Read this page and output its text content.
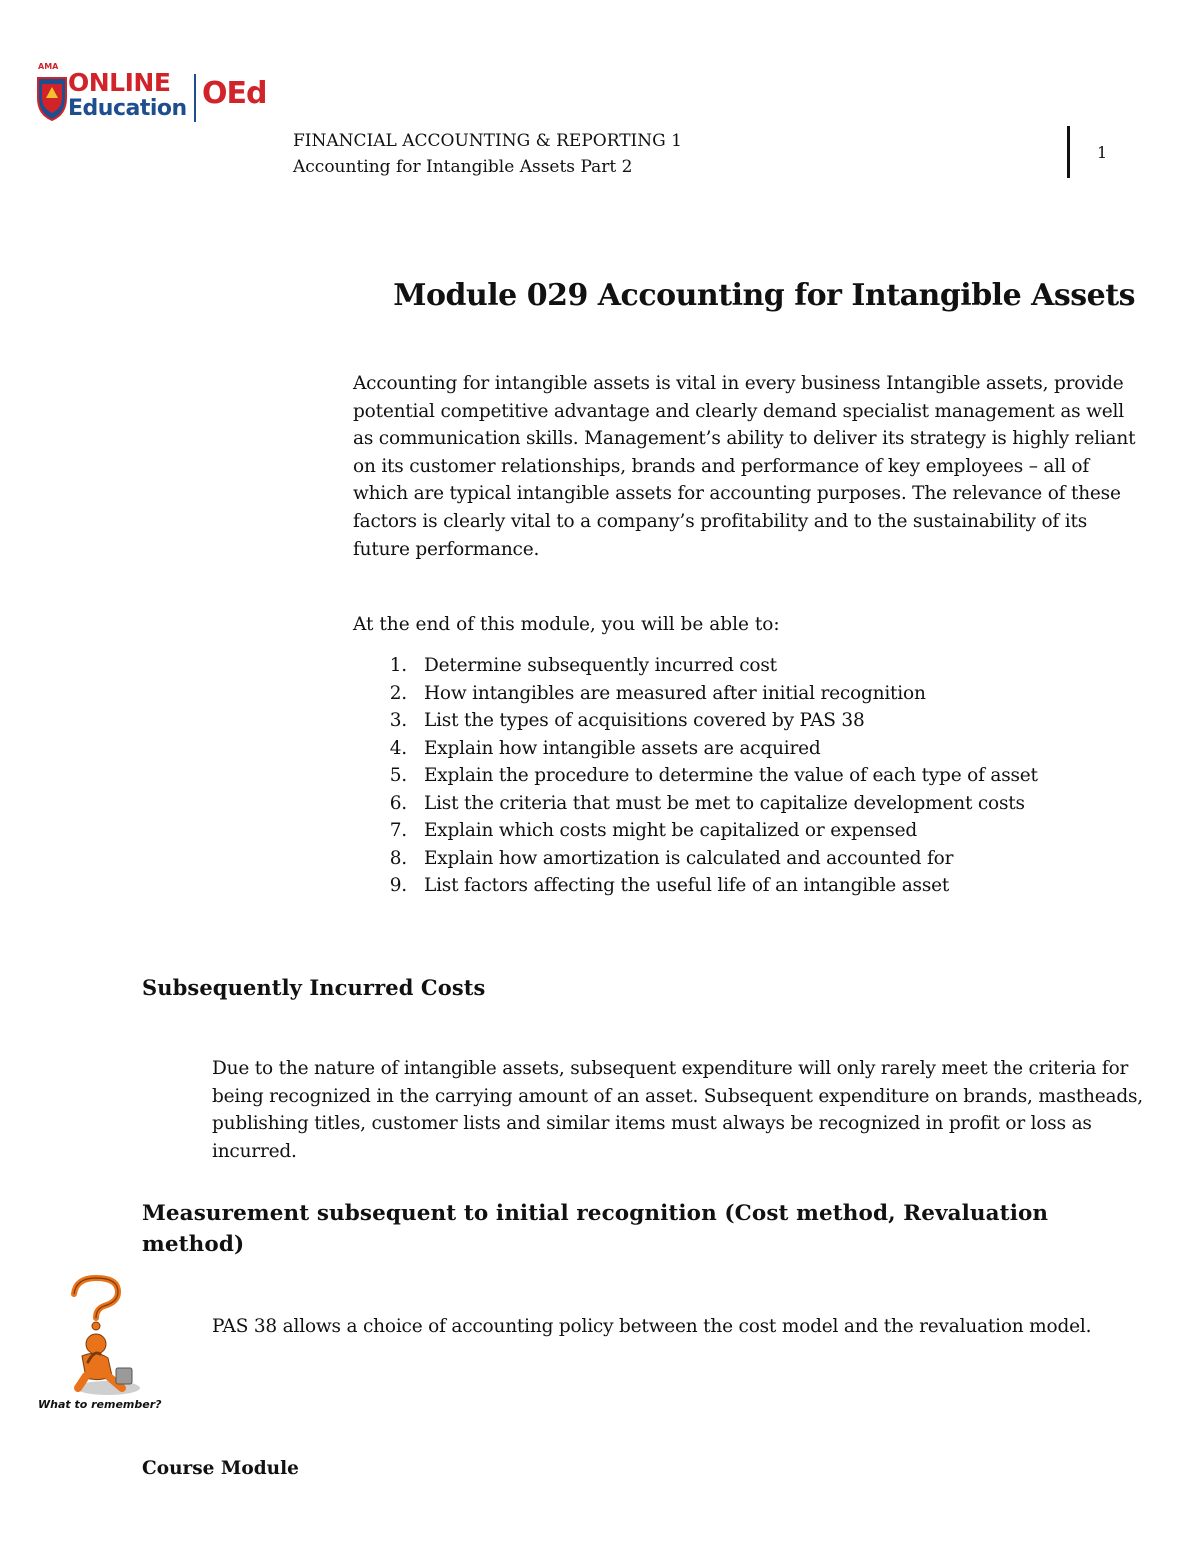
AMA
ONLINE
Education OEd
FINANCIAL ACCOUNTING & REPORTING 1
Accounting for Intangible Assets Part 2
1
Module 029 Accounting for Intangible Assets
Accounting for intangible assets is vital in every business Intangible assets, provide potential competitive advantage and clearly demand specialist management as well as communication skills. Management’s ability to deliver its strategy is highly reliant on its customer relationships, brands and performance of key employees – all of which are typical intangible assets for accounting purposes. The relevance of these factors is clearly vital to a company’s profitability and to the sustainability of its future performance.
At the end of this module, you will be able to:
1. Determine subsequently incurred cost
2. How intangibles are measured after initial recognition
3. List the types of acquisitions covered by PAS 38
4. Explain how intangible assets are acquired
5. Explain the procedure to determine the value of each type of asset
6. List the criteria that must be met to capitalize development costs
7. Explain which costs might be capitalized or expensed
8. Explain how amortization is calculated and accounted for
9. List factors affecting the useful life of an intangible asset
Subsequently Incurred Costs
Due to the nature of intangible assets, subsequent expenditure will only rarely meet the criteria for being recognized in the carrying amount of an asset. Subsequent expenditure on brands, mastheads, publishing titles, customer lists and similar items must always be recognized in profit or loss as incurred.
Measurement subsequent to initial recognition (Cost method, Revaluation method)
What to remember?
PAS 38 allows a choice of accounting policy between the cost model and the revaluation model.
Course Module
